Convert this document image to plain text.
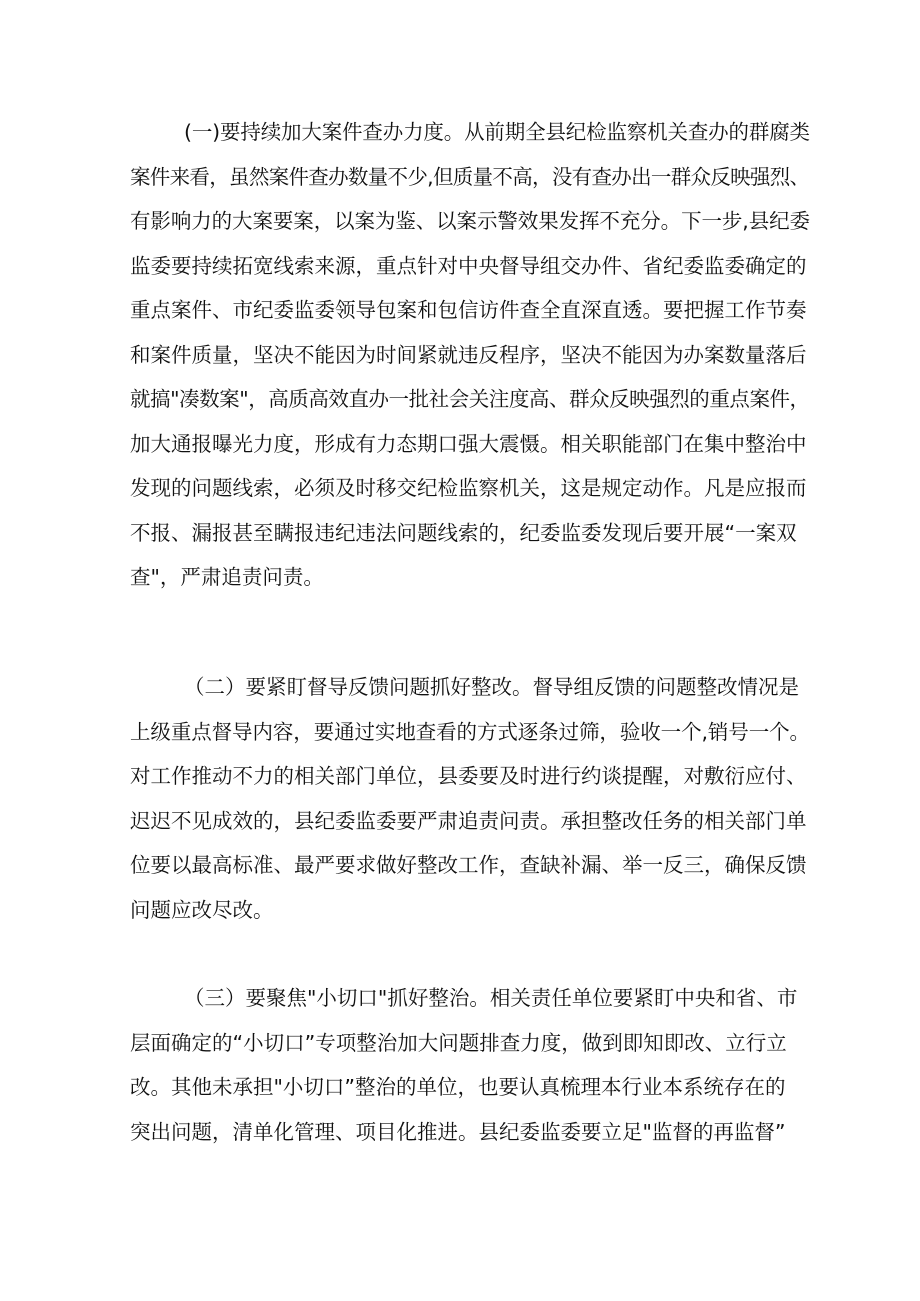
(一)要持续加大案件查办力度。从前期全县纪检监察机关查办的群腐类
案件来看，虽然案件查办数量不少,但质量不高，没有查办出一群众反映强烈、
有影响力的大案要案，以案为鉴、以案示警效果发挥不充分。下一步,县纪委
监委要持续拓宽线索来源，重点针对中央督导组交办件、省纪委监委确定的
重点案件、市纪委监委领导包案和包信访件查全直深直透。要把握工作节奏
和案件质量，坚决不能因为时间紧就违反程序，坚决不能因为办案数量落后
就搞"凑数案"，高质高效直办一批社会关注度高、群众反映强烈的重点案件，
加大通报曝光力度，形成有力态期口强大震慑。相关职能部门在集中整治中
发现的问题线索，必须及时移交纪检监察机关，这是规定动作。凡是应报而
不报、漏报甚至瞒报违纪违法问题线索的，纪委监委发现后要开展“一案双
查"，严肃追责问责。
（二）要紧盯督导反馈问题抓好整改。督导组反馈的问题整改情况是
上级重点督导内容，要通过实地查看的方式逐条过筛，验收一个,销号一个。
对工作推动不力的相关部门单位，县委要及时进行约谈提醒，对敷衍应付、
迟迟不见成效的，县纪委监委要严肃追责问责。承担整改任务的相关部门单
位要以最高标准、最严要求做好整改工作，查缺补漏、举一反三，确保反馈
问题应改尽改。
（三）要聚焦"小切口"抓好整治。相关责任单位要紧盯中央和省、市
层面确定的“小切口”专项整治加大问题排查力度，做到即知即改、立行立
改。其他未承担"小切口”整治的单位，也要认真梳理本行业本系统存在的
突出问题，清单化管理、项目化推进。县纪委监委要立足"监督的再监督”
